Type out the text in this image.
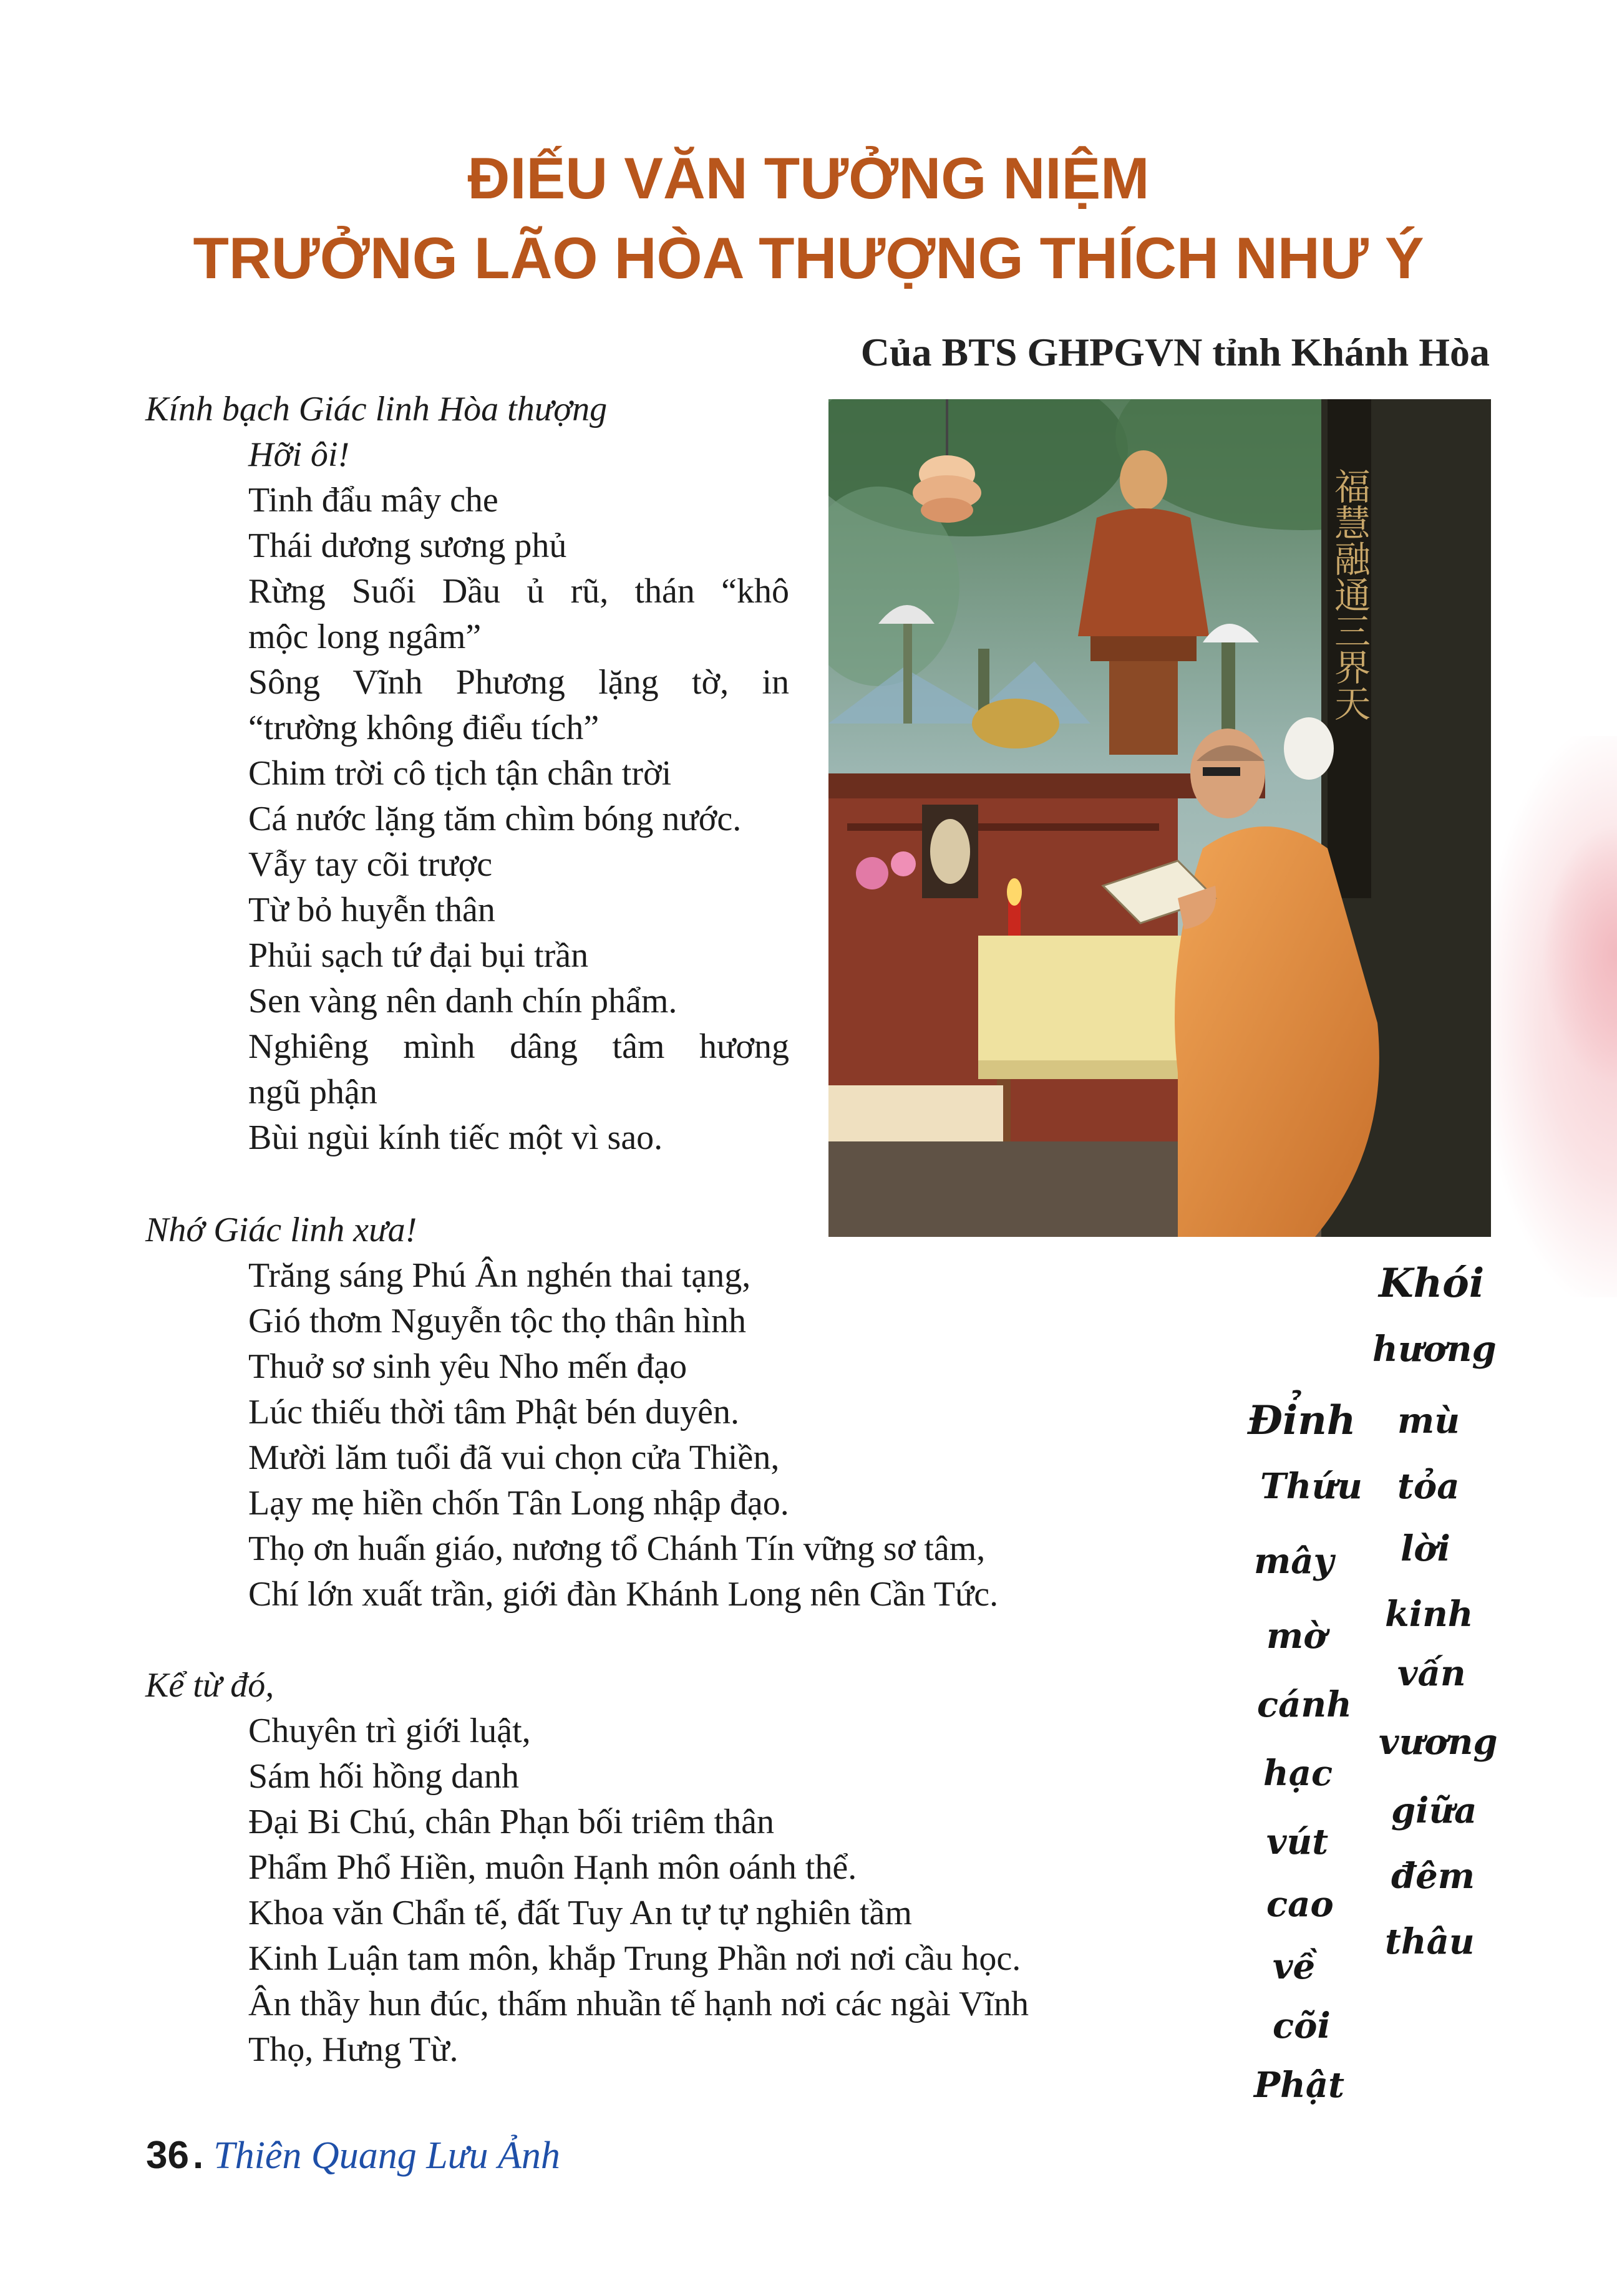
ĐIẾU VĂN TƯỞNG NIỆM
TRƯỞNG LÃO HÒA THƯỢNG THÍCH NHƯ Ý
Của BTS GHPGVN tỉnh Khánh Hòa
福慧融通三界天

Kính bạch Giác linh Hòa thượng

Hỡi ôi!
Tinh đẩu mây che
Thái dương sương phủ
Rừng Suối Dầu ủ rũ, thán “khô
mộc long ngâm”
Sông Vĩnh Phương lặng tờ, in
“trường không điểu tích”
Chim trời cô tịch tận chân trời
Cá nước lặng tăm chìm bóng nước.
Vẫy tay cõi trược
Từ bỏ huyễn thân
Phủi sạch tứ đại bụi trần
Sen vàng nên danh chín phẩm.
Nghiêng mình dâng tâm hương
ngũ phận
Bùi ngùi kính tiếc một vì sao.

Nhớ Giác linh xưa!

Trăng sáng Phú Ân nghén thai tạng,
Gió thơm Nguyễn tộc thọ thân hình
Thuở sơ sinh yêu Nho mến đạo
Lúc thiếu thời tâm Phật bén duyên.
Mười lăm tuổi đã vui chọn cửa Thiền,
Lạy mẹ hiền chốn Tân Long nhập đạo.
Thọ ơn huấn giáo, nương tổ Chánh Tín vững sơ tâm,
Chí lớn xuất trần, giới đàn Khánh Long nên Cần Tức.

Kể từ đó,

Chuyên trì giới luật,
Sám hối hồng danh
Đại Bi Chú, chân Phạn bối triêm thân
Phẩm Phổ Hiền, muôn Hạnh môn oánh thể.
Khoa văn Chẩn tế, đất Tuy An tự tự nghiên tầm
Kinh Luận tam môn, khắp Trung Phần nơi nơi cầu học.
Ân thầy hun đúc, thấm nhuần tế hạnh nơi các ngài Vĩnh
Thọ, Hưng Từ.
Khói
hương
mù
tỏa
lời
kinh
vấn
vương
giữa
đêm
thâu
Đỉnh
Thứu
mây
mờ
cánh
hạc
vút
cao
về
cõi
Phật
36 . Thiên Quang Lưu Ảnh
